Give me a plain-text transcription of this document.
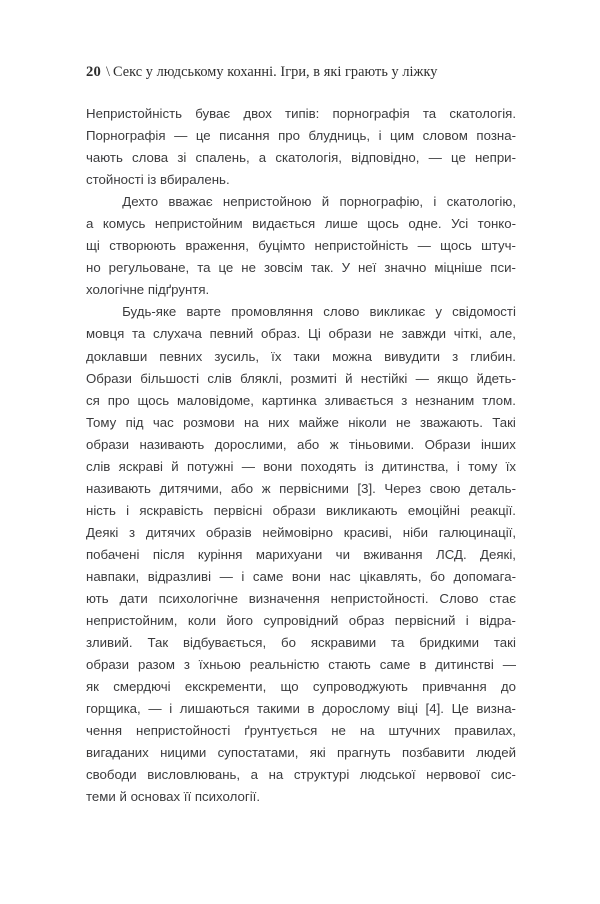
20 \ Секс у людському коханні. Ігри, в які грають у ліжку

Непристойність буває двох типів: порнографія та скатологія.
Порнографія — це писання про блудниць, і цим словом позна-
чають слова зі спалень, а скатологія, відповідно, — це непри-
стойності із вбиралень.

Дехто вважає непристойною й порнографію, і скатологію,
а комусь непристойним видається лише щось одне. Усі тонко-
щі створюють враження, буцімто непристойність — щось штуч-
но регульоване, та це не зовсім так. У неї значно міцніше пси-
хологічне підґрунтя.

Будь-яке варте промовляння слово викликає у свідомості
мовця та слухача певний образ. Ці образи не завжди чіткі, але,
доклавши певних зусиль, їх таки можна вивудити з глибин.
Образи більшості слів бляклі, розмиті й нестійкі — якщо йдеть-
ся про щось маловідоме, картинка зливається з незнаним тлом.
Тому під час розмови на них майже ніколи не зважають. Такі
образи називають дорослими, або ж тіньовими. Образи інших
слів яскраві й потужні — вони походять із дитинства, і тому їх
називають дитячими, або ж первісними [3]. Через свою деталь-
ність і яскравість первісні образи викликають емоційні реакції.
Деякі з дитячих образів неймовірно красиві, ніби галюцинації,
побачені після куріння марихуани чи вживання ЛСД. Деякі,
навпаки, відразливі — і саме вони нас цікавлять, бо допомага-
ють дати психологічне визначення непристойності. Слово стає
непристойним, коли його супровідний образ первісний і відра-
зливий. Так відбувається, бо яскравими та бридкими такі
образи разом з їхньою реальністю стають саме в дитинстві —
як смердючі екскременти, що супроводжують привчання до
горщика, — і лишаються такими в дорослому віці [4]. Це визна-
чення непристойності ґрунтується не на штучних правилах,
вигаданих ницими супостатами, які прагнуть позбавити людей
свободи висловлювань, а на структурі людської нервової сис-
теми й основах її психології.
